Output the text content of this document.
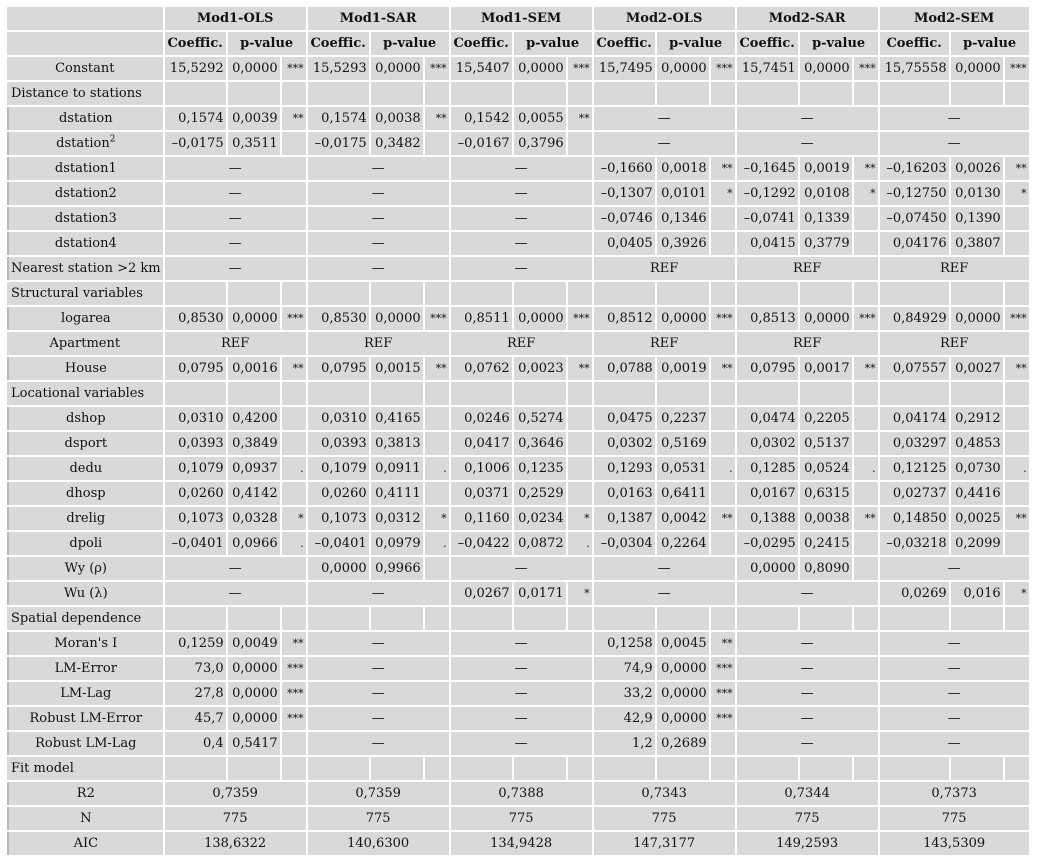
	Mod1-OLS			Mod1-SAR			Mod1-SEM			Mod2-OLS			Mod2-SAR			Mod2-SEM		
	Coeffic.	p-value		Coeffic.	p-value		Coeffic.	p-value		Coeffic.	p-value		Coeffic.	p-value		Coeffic.	p-value	
Constant	15,5292	0,0000	***	15,5293	0,0000	***	15,5407	0,0000	***	15,7495	0,0000	***	15,7451	0,0000	***	15,75558	0,0000	***
Distance to stations																		
dstation	0,1574	0,0039	**	0,1574	0,0038	**	0,1542	0,0055	**	—			—			—		
dstation$^2$	–0,0175	0,3511		–0,0175	0,3482		–0,0167	0,3796		—			—			—		
dstation1	—			—			—			–0,1660	0,0018	**	–0,1645	0,0019	**	–0,16203	0,0026	**
dstation2	—			—			—			–0,1307	0,0101	*	–0,1292	0,0108	*	–0,12750	0,0130	*
dstation3	—			—			—			–0,0746	0,1346		–0,0741	0,1339		–0,07450	0,1390	
dstation4	—			—			—			0,0405	0,3926		0,0415	0,3779		0,04176	0,3807	
Nearest station >2 km	—			—			—			REF			REF			REF		
Structural variables																		
logarea	0,8530	0,0000	***	0,8530	0,0000	***	0,8511	0,0000	***	0,8512	0,0000	***	0,8513	0,0000	***	0,84929	0,0000	***
Apartment	REF			REF			REF			REF			REF			REF		
House	0,0795	0,0016	**	0,0795	0,0015	**	0,0762	0,0023	**	0,0788	0,0019	**	0,0795	0,0017	**	0,07557	0,0027	**
Locational variables																		
dshop	0,0310	0,4200		0,0310	0,4165		0,0246	0,5274		0,0475	0,2237		0,0474	0,2205		0,04174	0,2912	
dsport	0,0393	0,3849		0,0393	0,3813		0,0417	0,3646		0,0302	0,5169		0,0302	0,5137		0,03297	0,4853	
dedu	0,1079	0,0937	.	0,1079	0,0911	.	0,1006	0,1235		0,1293	0,0531	.	0,1285	0,0524	.	0,12125	0,0730	.
dhosp	0,0260	0,4142		0,0260	0,4111		0,0371	0,2529		0,0163	0,6411		0,0167	0,6315		0,02737	0,4416	
drelig	0,1073	0,0328	*	0,1073	0,0312	*	0,1160	0,0234	*	0,1387	0,0042	**	0,1388	0,0038	**	0,14850	0,0025	**
dpoli	–0,0401	0,0966	.	–0,0401	0,0979	.	–0,0422	0,0872	.	–0,0304	0,2264		–0,0295	0,2415		–0,03218	0,2099	
Wy (ρ)	—			0,0000	0,9966		—			—			0,0000	0,8090		—		
Wu (λ)	—			—			0,0267	0,0171	*	—			—			0,0269	0,016	*
Spatial dependence																		
Moran's I	0,1259	0,0049	**	—			—			0,1258	0,0045	**	—			—		
LM-Error	73,0	0,0000	***	—			—			74,9	0,0000	***	—			—		
LM-Lag	27,8	0,0000	***	—			—			33,2	0,0000	***	—			—		
Robust LM-Error	45,7	0,0000	***	—			—			42,9	0,0000	***	—			—		
Robust LM-Lag	0,4	0,5417		—			—			1,2	0,2689		—			—		
Fit model																		
R2	0,7359			0,7359			0,7388			0,7343			0,7344			0,7373		
N	775			775			775			775			775			775		
AIC	138,6322			140,6300			134,9428			147,3177			149,2593			143,5309		
